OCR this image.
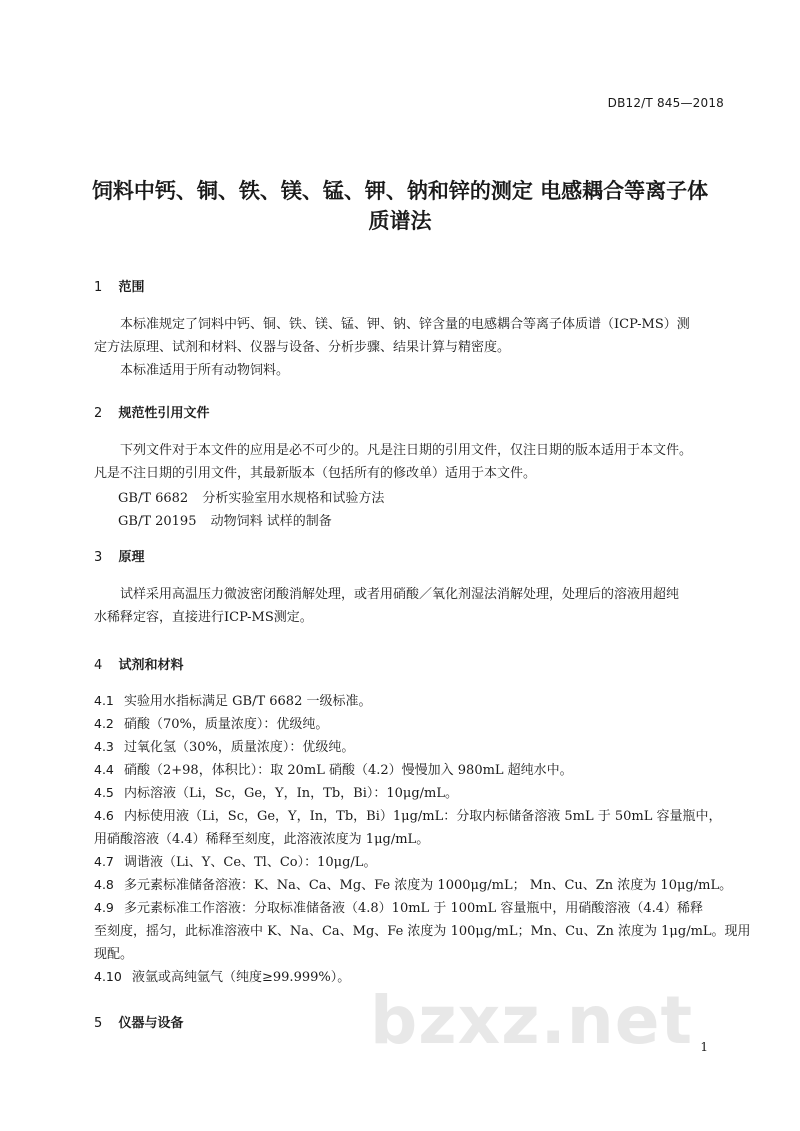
DB12/T 845—2018
饲料中钙、铜、铁、镁、锰、钾、钠和锌的测定 电感耦合等离子体
质谱法
1 范围
本标准规定了饲料中钙、铜、铁、镁、锰、钾、钠、锌含量的电感耦合等离子体质谱（ICP-MS）测
定方法原理、试剂和材料、仪器与设备、分析步骤、结果计算与精密度。
本标准适用于所有动物饲料。
2 规范性引用文件
下列文件对于本文件的应用是必不可少的。凡是注日期的引用文件，仅注日期的版本适用于本文件。
凡是不注日期的引用文件，其最新版本（包括所有的修改单）适用于本文件。
GB/T 6682 分析实验室用水规格和试验方法
GB/T 20195 动物饲料 试样的制备
3 原理
试样采用高温压力微波密闭酸消解处理，或者用硝酸／氧化剂湿法消解处理，处理后的溶液用超纯
水稀释定容，直接进行ICP-MS测定。
4 试剂和材料
4.1 实验用水指标满足 GB/T 6682 一级标准。
4.2 硝酸（70%，质量浓度）：优级纯。
4.3 过氧化氢（30%，质量浓度）：优级纯。
4.4 硝酸（2+98，体积比）：取 20mL 硝酸（4.2）慢慢加入 980mL 超纯水中。
4.5 内标溶液（Li，Sc，Ge，Y，In，Tb，Bi）：10μg/mL。
4.6 内标使用液（Li，Sc，Ge，Y，In，Tb，Bi）1μg/mL：分取内标储备溶液 5mL 于 50mL 容量瓶中，
用硝酸溶液（4.4）稀释至刻度，此溶液浓度为 1μg/mL。
4.7 调谐液（Li、Y、Ce、Tl、Co）：10μg/L。
4.8 多元素标准储备溶液：K、Na、Ca、Mg、Fe 浓度为 1000μg/mL； Mn、Cu、Zn 浓度为 10μg/mL。
4.9 多元素标准工作溶液：分取标准储备液（4.8）10mL 于 100mL 容量瓶中，用硝酸溶液（4.4）稀释
至刻度，摇匀，此标准溶液中 K、Na、Ca、Mg、Fe 浓度为 100μg/mL；Mn、Cu、Zn 浓度为 1μg/mL。现用
现配。
4.10 液氩或高纯氩气（纯度≥99.999%）。
5 仪器与设备	bzxz.net 1
